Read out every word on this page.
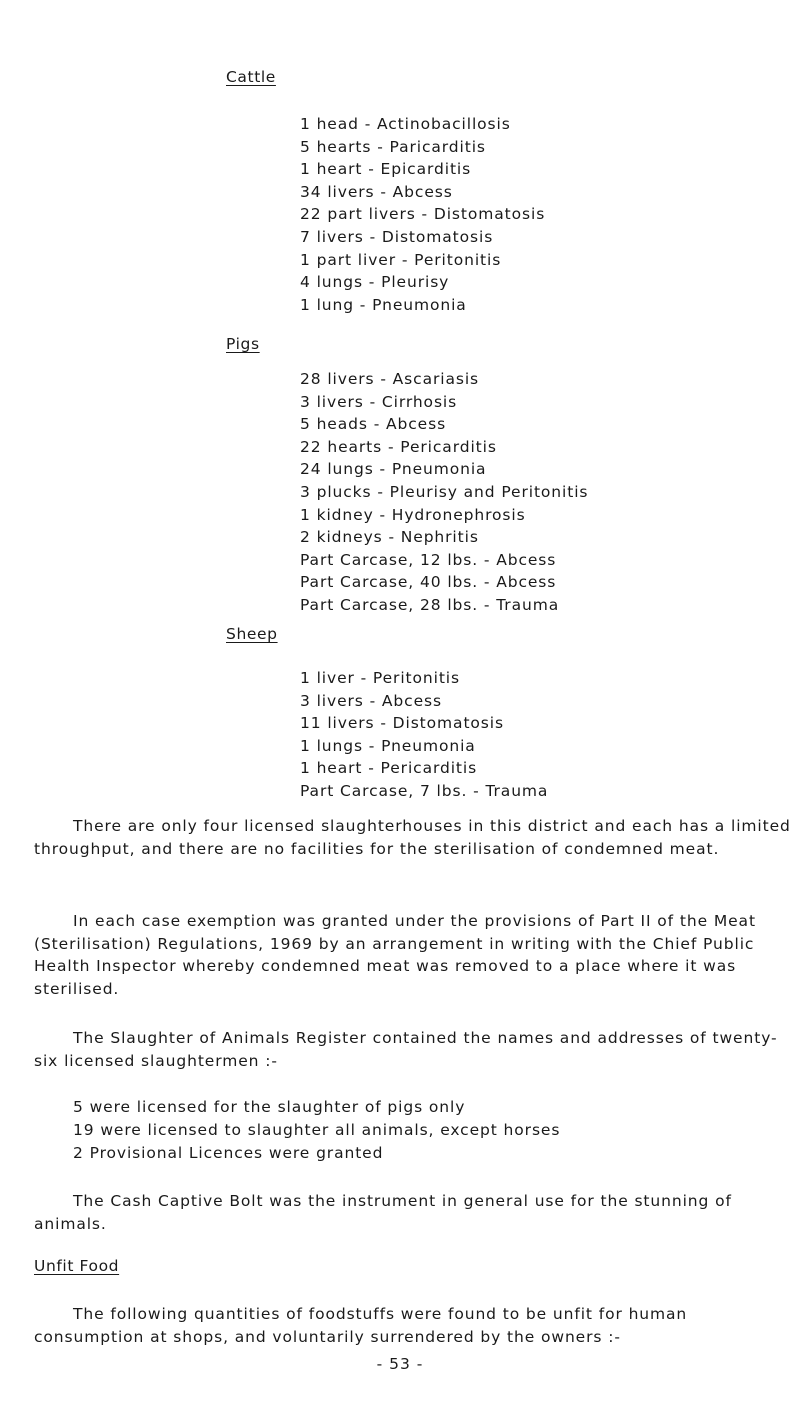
Cattle
1 head - Actinobacillosis
5 hearts - Paricarditis
1 heart - Epicarditis
34 livers - Abcess
22 part livers - Distomatosis
7 livers - Distomatosis
1 part liver - Peritonitis
4 lungs - Pleurisy
1 lung - Pneumonia
Pigs
28 livers - Ascariasis
3 livers - Cirrhosis
5 heads - Abcess
22 hearts - Pericarditis
24 lungs - Pneumonia
3 plucks - Pleurisy and Peritonitis
1 kidney - Hydronephrosis
2 kidneys - Nephritis
Part Carcase, 12 lbs. - Abcess
Part Carcase, 40 lbs. - Abcess
Part Carcase, 28 lbs. - Trauma
Sheep
1 liver - Peritonitis
3 livers - Abcess
11 livers - Distomatosis
1 lungs - Pneumonia
1 heart - Pericarditis
Part Carcase, 7 lbs. - Trauma

There are only four licensed slaughterhouses in this district and each has a limited throughput, and there are no facilities for the sterilisation of condemned meat.

In each case exemption was granted under the provisions of Part II of the Meat (Sterilisation) Regulations, 1969 by an arrangement in writing with the Chief Public Health Inspector whereby condemned meat was removed to a place where it was sterilised.

The Slaughter of Animals Register contained the names and addresses of twenty-six licensed slaughtermen :-

5 were licensed for the slaughter of pigs only
19 were licensed to slaughter all animals, except horses
2 Provisional Licences were granted

The Cash Captive Bolt was the instrument in general use for the stunning of animals.

Unfit Food

The following quantities of foodstuffs were found to be unfit for human consumption at shops, and voluntarily surrendered by the owners :-

- 53 -
